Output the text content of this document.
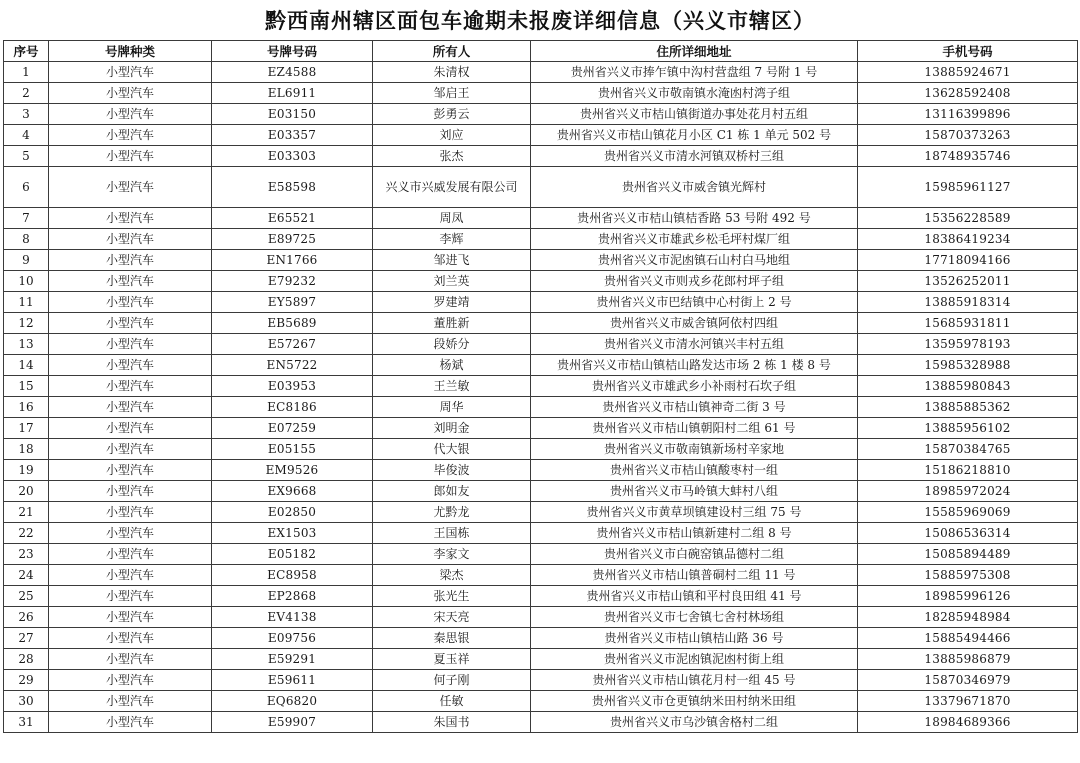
黔西南州辖区面包车逾期未报废详细信息（兴义市辖区）
序号	号牌种类	号牌号码	所有人	住所详细地址	手机号码
1	小型汽车	EZ4588	朱清权	贵州省兴义市捧乍镇中沟村营盘组 7 号附 1 号	13885924671
2	小型汽车	EL6911	邹启王	贵州省兴义市敬南镇水淹凼村湾子组	13628592408
3	小型汽车	E03150	彭勇云	贵州省兴义市桔山镇街道办事处花月村五组	13116399896
4	小型汽车	E03357	刘应	贵州省兴义市桔山镇花月小区 C1 栋 1 单元 502 号	15870373263
5	小型汽车	E03303	张杰	贵州省兴义市清水河镇双桥村三组	18748935746
6	小型汽车	E58598	兴义市兴威发展有限公司	贵州省兴义市威舍镇光辉村	15985961127
7	小型汽车	E65521	周凤	贵州省兴义市桔山镇桔香路 53 号附 492 号	15356228589
8	小型汽车	E89725	李辉	贵州省兴义市雄武乡松毛坪村煤厂组	18386419234
9	小型汽车	EN1766	邹进飞	贵州省兴义市泥凼镇石山村白马地组	17718094166
10	小型汽车	E79232	刘兰英	贵州省兴义市则戎乡花郎村坪子组	13526252011
11	小型汽车	EY5897	罗建靖	贵州省兴义市巴结镇中心村街上 2 号	13885918314
12	小型汽车	EB5689	董胜新	贵州省兴义市威舍镇阿依村四组	15685931811
13	小型汽车	E57267	段娇分	贵州省兴义市清水河镇兴丰村五组	13595978193
14	小型汽车	EN5722	杨斌	贵州省兴义市桔山镇桔山路发达市场 2 栋 1 楼 8 号	15985328988
15	小型汽车	E03953	王兰敏	贵州省兴义市雄武乡小补雨村石坎子组	13885980843
16	小型汽车	EC8186	周华	贵州省兴义市桔山镇神奇二街 3 号	13885885362
17	小型汽车	E07259	刘明金	贵州省兴义市桔山镇朝阳村二组 61 号	13885956102
18	小型汽车	E05155	代大银	贵州省兴义市敬南镇新场村辛家地	15870384765
19	小型汽车	EM9526	毕俊波	贵州省兴义市桔山镇酸枣村一组	15186218810
20	小型汽车	EX9668	郎如友	贵州省兴义市马岭镇大蚌村八组	18985972024
21	小型汽车	E02850	尤黔龙	贵州省兴义市黄草坝镇建设村三组 75 号	15585969069
22	小型汽车	EX1503	王国栋	贵州省兴义市桔山镇新建村二组 8 号	15086536314
23	小型汽车	E05182	李家文	贵州省兴义市白碗窑镇品德村二组	15085894489
24	小型汽车	EC8958	梁杰	贵州省兴义市桔山镇普硐村二组 11 号	15885975308
25	小型汽车	EP2868	张光生	贵州省兴义市桔山镇和平村良田组 41 号	18985996126
26	小型汽车	EV4138	宋天亮	贵州省兴义市七舍镇七舍村林场组	18285948984
27	小型汽车	E09756	秦思银	贵州省兴义市桔山镇桔山路 36 号	15885494466
28	小型汽车	E59291	夏玉祥	贵州省兴义市泥凼镇泥凼村街上组	13885986879
29	小型汽车	E59611	何子刚	贵州省兴义市桔山镇花月村一组 45 号	15870346979
30	小型汽车	EQ6820	任敏	贵州省兴义市仓更镇纳米田村纳米田组	13379671870
31	小型汽车	E59907	朱国书	贵州省兴义市乌沙镇舍格村二组	18984689366
